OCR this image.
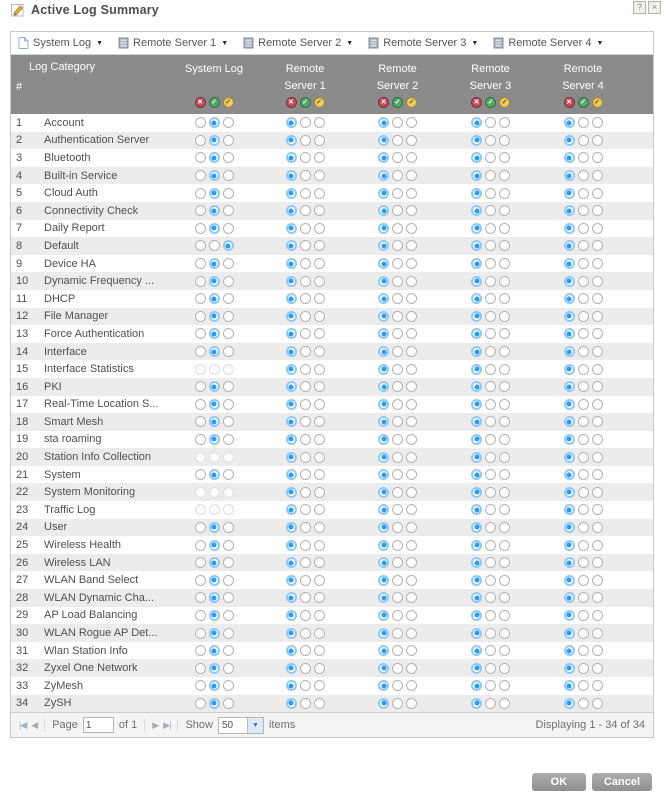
Active Log Summary	?	×
System Log ▼	Remote Server 1 ▼	Remote Server 2 ▼	Remote Server 3 ▼	Remote Server 4 ▼
Log Category
#
System Log
✕	✓	✓
Remote
Server 1
✕	✓	✓
Remote
Server 2
✕	✓	✓
Remote
Server 3
✕	✓	✓
Remote
Server 4
✕	✓	✓
1	Account
2	Authentication Server
3	Bluetooth
4	Built-in Service
5	Cloud Auth
6	Connectivity Check
7	Daily Report
8	Default
9	Device HA
10	Dynamic Frequency ...
11	DHCP
12	File Manager
13	Force Authentication
14	Interface
15	Interface Statistics
16	PKI
17	Real-Time Location S...
18	Smart Mesh
19	sta roaming
20	Station Info Collection
21	System
22	System Monitoring
23	Traffic Log
24	User
25	Wireless Health
26	Wireless LAN
27	WLAN Band Select
28	WLAN Dynamic Cha...
29	AP Load Balancing
30	WLAN Rogue AP Det...
31	Wlan Station Info
32	Zyxel One Network
33	ZyMesh
34	ZySH
|◀ ◀ Page
1	of 1 ▶ ▶| Show 50	▼ items	Displaying 1 - 34 of 34
OK	Cancel
